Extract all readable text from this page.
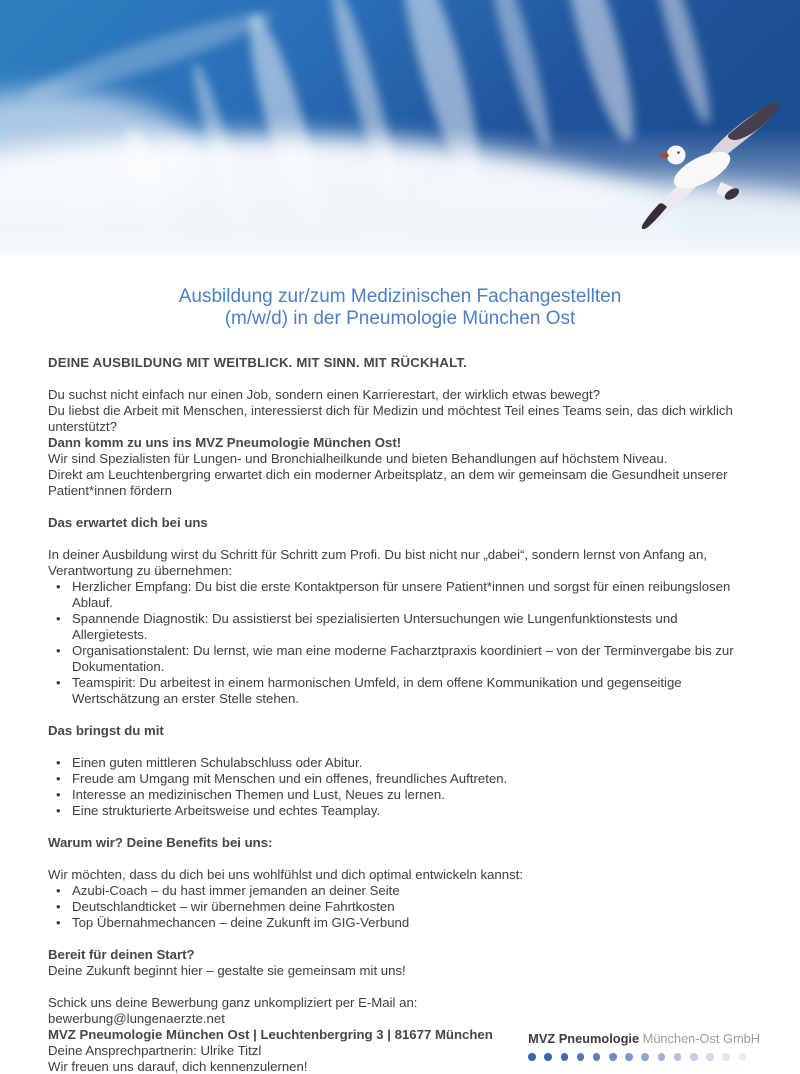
Ausbildung zur/zum Medizinischen Fachangestellten
(m/w/d) in der Pneumologie München Ost
DEINE AUSBILDUNG MIT WEITBLICK. MIT SINN. MIT RÜCKHALT.

Du suchst nicht einfach nur einen Job, sondern einen Karrierestart, der wirklich etwas bewegt?

Du liebst die Arbeit mit Menschen, interessierst dich für Medizin und möchtest Teil eines Teams sein, das dich wirklich unterstützt?

Dann komm zu uns ins MVZ Pneumologie München Ost!

Wir sind Spezialisten für Lungen- und Bronchialheilkunde und bieten Behandlungen auf höchstem Niveau.

Direkt am Leuchtenbergring erwartet dich ein moderner Arbeitsplatz, an dem wir gemeinsam die Gesundheit unserer Patient*innen fördern

Das erwartet dich bei uns

In deiner Ausbildung wirst du Schritt für Schritt zum Profi. Du bist nicht nur „dabei“, sondern lernst von Anfang an, Verantwortung zu übernehmen:

• Herzlicher Empfang: Du bist die erste Kontaktperson für unsere Patient*innen und sorgst für einen reibungslosen Ablauf.
• Spannende Diagnostik: Du assistierst bei spezialisierten Untersuchungen wie Lungenfunktionstests und Allergietests.
• Organisationstalent: Du lernst, wie man eine moderne Facharztpraxis koordiniert – von der Terminvergabe bis zur Dokumentation.
• Teamspirit: Du arbeitest in einem harmonischen Umfeld, in dem offene Kommunikation und gegenseitige Wertschätzung an erster Stelle stehen.
Das bringst du mit
• Einen guten mittleren Schulabschluss oder Abitur.
• Freude am Umgang mit Menschen und ein offenes, freundliches Auftreten.
• Interesse an medizinischen Themen und Lust, Neues zu lernen.
• Eine strukturierte Arbeitsweise und echtes Teamplay.
Warum wir? Deine Benefits bei uns:

Wir möchten, dass du dich bei uns wohlfühlst und dich optimal entwickeln kannst:

• Azubi-Coach – du hast immer jemanden an deiner Seite
• Deutschlandticket – wir übernehmen deine Fahrtkosten
• Top Übernahmechancen – deine Zukunft im GIG-Verbund
Bereit für deinen Start?

Deine Zukunft beginnt hier – gestalte sie gemeinsam mit uns!

Schick uns deine Bewerbung ganz unkompliziert per E-Mail an:

bewerbung@lungenaerzte.net

MVZ Pneumologie München Ost | Leuchtenbergring 3 | 81677 München

Deine Ansprechpartnerin: Ulrike Titzl

Wir freuen uns darauf, dich kennenzulernen!

MVZ Pneumologie München-Ost GmbH
